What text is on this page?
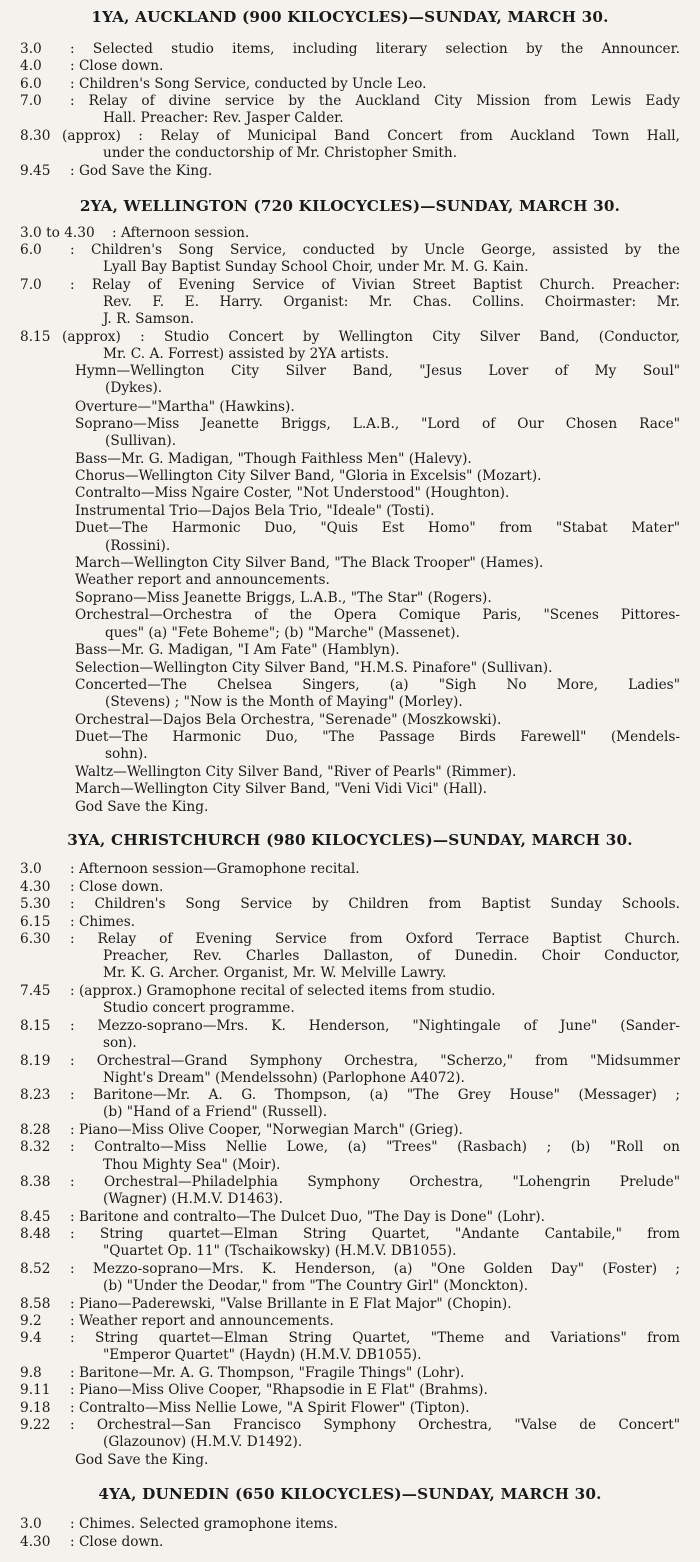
1YA, AUCKLAND (900 KILOCYCLES)—SUNDAY, MARCH 30.
3.0	: Selected studio items, including literary selection by the Announcer.
4.0	: Close down.
6.0	: Children's Song Service, conducted by Uncle Leo.
7.0	: Relay of divine service by the Auckland City Mission from Lewis Eady
Hall. Preacher: Rev. Jasper Calder.
8.30 (approx) : Relay of Municipal Band Concert from Auckland Town Hall,
under the conductorship of Mr. Christopher Smith.
9.45	: God Save the King.
2YA, WELLINGTON (720 KILOCYCLES)—SUNDAY, MARCH 30.
3.0 to 4.30 : Afternoon session.
6.0	: Children's Song Service, conducted by Uncle George, assisted by the
Lyall Bay Baptist Sunday School Choir, under Mr. M. G. Kain.
7.0	: Relay of Evening Service of Vivian Street Baptist Church. Preacher:
Rev. F. E. Harry. Organist: Mr. Chas. Collins. Choirmaster: Mr.
J. R. Samson.
8.15 (approx) : Studio Concert by Wellington City Silver Band, (Conductor,
Mr. C. A. Forrest) assisted by 2YA artists.
Hymn—Wellington City Silver Band, "Jesus Lover of My Soul"
(Dykes).
Overture—"Martha" (Hawkins).
Soprano—Miss Jeanette Briggs, L.A.B., "Lord of Our Chosen Race"
(Sullivan).
Bass—Mr. G. Madigan, "Though Faithless Men" (Halevy).
Chorus—Wellington City Silver Band, "Gloria in Excelsis" (Mozart).
Contralto—Miss Ngaire Coster, "Not Understood" (Houghton).
Instrumental Trio—Dajos Bela Trio, "Ideale" (Tosti).
Duet—The Harmonic Duo, "Quis Est Homo" from "Stabat Mater"
(Rossini).
March—Wellington City Silver Band, "The Black Trooper" (Hames).
Weather report and announcements.
Soprano—Miss Jeanette Briggs, L.A.B., "The Star" (Rogers).
Orchestral—Orchestra of the Opera Comique Paris, "Scenes Pittores-
ques" (a) "Fete Boheme"; (b) "Marche" (Massenet).
Bass—Mr. G. Madigan, "I Am Fate" (Hamblyn).
Selection—Wellington City Silver Band, "H.M.S. Pinafore" (Sullivan).
Concerted—The Chelsea Singers, (a) "Sigh No More, Ladies"
(Stevens) ; "Now is the Month of Maying" (Morley).
Orchestral—Dajos Bela Orchestra, "Serenade" (Moszkowski).
Duet—The Harmonic Duo, "The Passage Birds Farewell" (Mendels-
sohn).
Waltz—Wellington City Silver Band, "River of Pearls" (Rimmer).
March—Wellington City Silver Band, "Veni Vidi Vici" (Hall).
God Save the King.
3YA, CHRISTCHURCH (980 KILOCYCLES)—SUNDAY, MARCH 30.
3.0	: Afternoon session—Gramophone recital.
4.30	: Close down.
5.30	: Children's Song Service by Children from Baptist Sunday Schools.
6.15	: Chimes.
6.30	: Relay of Evening Service from Oxford Terrace Baptist Church.
Preacher, Rev. Charles Dallaston, of Dunedin. Choir Conductor,
Mr. K. G. Archer. Organist, Mr. W. Melville Lawry.
7.45	: (approx.) Gramophone recital of selected items from studio.
Studio concert programme.
8.15	: Mezzo-soprano—Mrs. K. Henderson, "Nightingale of June" (Sander-
son).
8.19	: Orchestral—Grand Symphony Orchestra, "Scherzo," from "Midsummer
Night's Dream" (Mendelssohn) (Parlophone A4072).
8.23	: Baritone—Mr. A. G. Thompson, (a) "The Grey House" (Messager) ;
(b) "Hand of a Friend" (Russell).
8.28	: Piano—Miss Olive Cooper, "Norwegian March" (Grieg).
8.32	: Contralto—Miss Nellie Lowe, (a) "Trees" (Rasbach) ; (b) "Roll on
Thou Mighty Sea" (Moir).
8.38	: Orchestral—Philadelphia Symphony Orchestra, "Lohengrin Prelude"
(Wagner) (H.M.V. D1463).
8.45	: Baritone and contralto—The Dulcet Duo, "The Day is Done" (Lohr).
8.48	: String quartet—Elman String Quartet, "Andante Cantabile," from
"Quartet Op. 11" (Tschaikowsky) (H.M.V. DB1055).
8.52	: Mezzo-soprano—Mrs. K. Henderson, (a) "One Golden Day" (Foster) ;
(b) "Under the Deodar," from "The Country Girl" (Monckton).
8.58	: Piano—Paderewski, "Valse Brillante in E Flat Major" (Chopin).
9.2	: Weather report and announcements.
9.4	: String quartet—Elman String Quartet, "Theme and Variations" from
"Emperor Quartet" (Haydn) (H.M.V. DB1055).
9.8	: Baritone—Mr. A. G. Thompson, "Fragile Things" (Lohr).
9.11	: Piano—Miss Olive Cooper, "Rhapsodie in E Flat" (Brahms).
9.18	: Contralto—Miss Nellie Lowe, "A Spirit Flower" (Tipton).
9.22	: Orchestral—San Francisco Symphony Orchestra, "Valse de Concert"
(Glazounov) (H.M.V. D1492).
God Save the King.
4YA, DUNEDIN (650 KILOCYCLES)—SUNDAY, MARCH 30.
3.0	: Chimes. Selected gramophone items.
4.30	: Close down.
